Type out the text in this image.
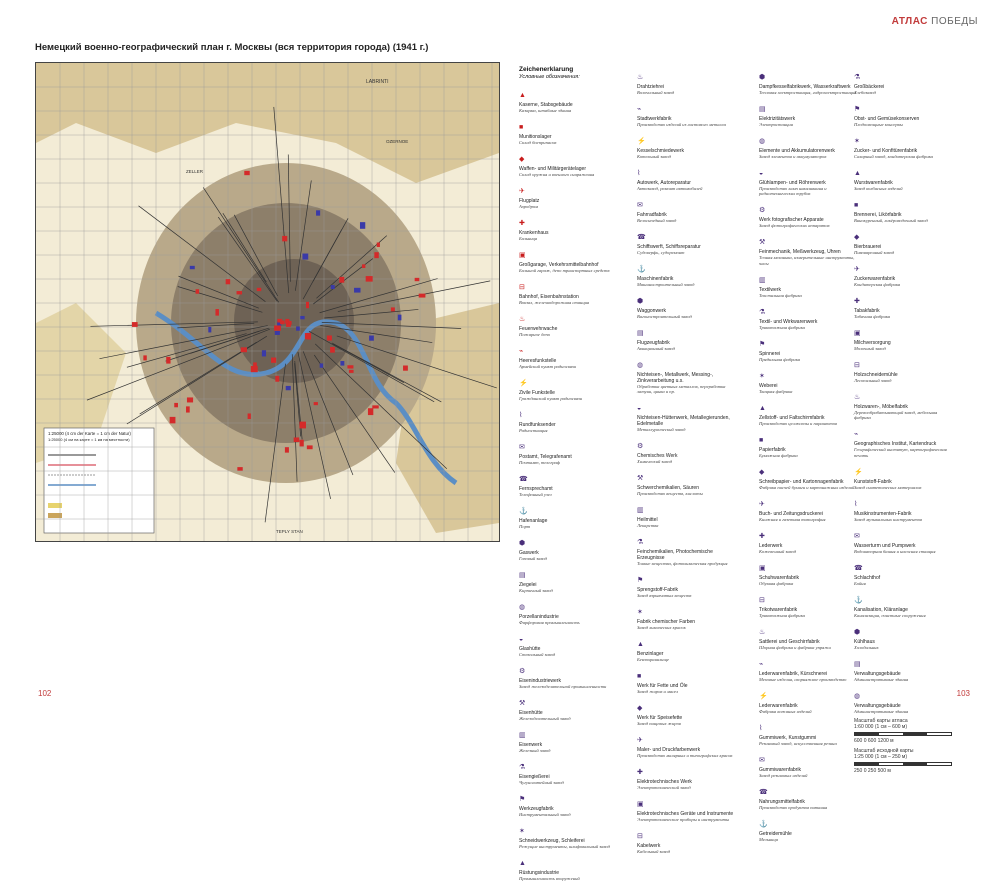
АТЛАС ПОБЕДЫ
Немецкий военно-географический план г. Москвы (вся территория города) (1941 г.)
1:25000 (4 cm der Karte = 1 cm der Natur)
1:25000 (4 см на карте = 1 км на местности)
LABRINTI
ZELLER
OZERNOE
TEPLY STAN
102	103
Zeichenerklarung
Условные обозначения:
▲
Kaserne, Stabsgebäude
Казарма, штабные здания
■
Munitionslager
Склад боеприпасов
◆
Waffen- und Militärgerätelager
Склад оружия и военного снаряжения
✈
Flugplatz
Аэродром
✚
Krankenhaus
Больница
▣
Großgarage, Verkehrsmittelbahnhof
Большой гараж, депо транспортных средств
⊟
Bahnhof, Eisenbahnstation
Вокзал, железнодорожная станция
♨
Feuerwehrwache
Пожарное депо
⌁
Heeresfunkstelle
Армейский пункт радиосвязи
⚡
Zivile Funkstelle
Гражданский пункт радиосвязи
⌇
Rundfunksender
Радиостанция
✉
Postamt, Telegrafenamt
Почтамт, телеграф
☎
Fernsprechamt
Телефонный узел
⚓
Hafenanlage
Порт
⬢
Gaswerk
Газовый завод
▤
Ziegelei
Кирпичный завод
◍
Porzellanindustrie
Фарфоровая промышленность
◒
Glashütte
Стекольный завод
⚙
Eisenindustriewerk
Завод железоделательной промышленности
⚒
Eisenhütte
Железоделательный завод
▥
Eisenwerk
Железный завод
⚗
Eisengießerei
Чугунолитейный завод
⚑
Werkzeugfabrik
Инструментальный завод
✶
Schneidwerkzeug, Schleiferei
Режущие инструменты, шлифовальный завод
▲
Rüstungsindustrie
Промышленность вооружений
♨
Drahtziehrei
Волочильный завод
⌁
Stadtwerkfabrik
Производство изделий из листового металла
⚡
Kesselschmiedewerk
Котельный завод
⌇
Autowerk, Autoreparatur
Автозавод, ремонт автомобилей
✉
Fahrradfabrik
Велосипедный завод
☎
Schiffswerft, Schiffsreparatur
Судоверфь, судоремонт
⚓
Maschinenfabrik
Машиностроительный завод
⬢
Waggonwerk
Вагоностроительный завод
▤
Flugzeugfabrik
Авиационный завод
◍
Nichteisen-, Metallwerk, Messing-, Zinkverarbeitung u.s.
Обработка цветных металлов, переработка латуни, цинка и пр.
◒
Nichteisen-Hüttenwerk, Metallegierunden, Edelmetalle
Металлургический завод
⚙
Chemisches Werk
Химический завод
⚒
Schwerchemikalien, Säuren
Производство веществ, кислоты
▥
Heilmittel
Лекарства
⚗
Feinchemikalien, Photochemische Erzeugnisse
Тонкие вещества, фотохимическая продукция
⚑
Sprengstoff-Fabrik
Завод взрывчатых веществ
✶
Fabrik chemischer Farben
Завод химических красок
▲
Benzinlager
Бензохранилище
■
Werk für Fette und Öle
Завод жиров и масел
◆
Werk für Speisefette
Завод пищевых жиров
✈
Maler- und Druckfarbenwerk
Производство малярных и типографских красок
✚
Elektrotechnisches Werk
Электротехнический завод
▣
Elektrotechnisches Geräte und Instrumente
Электротехнические приборы и инструменты
⊟
Kabelwerk
Кабельный завод
⬢
Dampfkesselfabrikwerk, Wasserkraftwerk
Тепловая электростанция, гидроэлектростанция
▤
Elektrizitätswerk
Электростанция
◍
Elemente und Akkumulatorenwerk
Завод элементов и аккумуляторов
◒
Glühlampen- und Röhrenwerk
Производство ламп накаливания и радиотехнических трубок
⚙
Werk fotografischer Apparate
Завод фотографических аппаратов
⚒
Feinmechanik, Meßwerkzeug, Uhren
Точная механика, измерительные инструменты, часы
▥
Textilwerk
Текстильная фабрика
⚗
Textil- und Wirkwarenwerk
Трикотажная фабрика
⚑
Spinnerei
Прядильная фабрика
✶
Weberei
Ткацкая фабрика
▲
Zellstoff- und Faltschirmfabrik
Производство целлюлозы и парашютов
■
Papierfabrik
Бумажная фабрика
◆
Schreibpapier- und Kartonnagenfabrik
Фабрика писчей бумаги и картонажных изделий
✈
Buch- und Zeitungsdruckerei
Книжная и газетная типография
✚
Lederwerk
Кожевенный завод
▣
Schuhwarenfabrik
Обувная фабрика
⊟
Trikotwarenfabrik
Трикотажная фабрика
♨
Sattlerei und Geschirrfabrik
Шорная фабрика и фабрика упряжи
⌁
Lederwarenfabrik, Kürschnerei
Меховые изделия, скорняжное производство
⚡
Lederwarenfabrik
Фабрика кожаных изделий
⌇
Gummiwerk, Kunstgummi
Резиновый завод, искусственная резина
✉
Gummiwarenfabrik
Завод резиновых изделий
☎
Nahrungsmittelfabrik
Производство продуктов питания
⚓
Getreidemühle
Мельница
⚗
Großbäckerei
Хлебозавод
⚑
Obst- und Gemüsekonserven
Плодоовощные консервы
✶
Zucker- und Konfitürenfabrik
Сахарный завод, кондитерская фабрика
▲
Wurstwarenfabrik
Завод колбасных изделий
■
Brennerei, Likörfabrik
Винокуренный, ликёроводочный завод
◆
Bierbrauerei
Пивоваренный завод
✈
Zuckerwarenfabrik
Кондитерская фабрика
✚
Tabakfabrik
Табачная фабрика
▣
Milchversorgung
Молочный завод
⊟
Holzschneidemühle
Лесопильный завод
♨
Holzwaren-, Möbelfabrik
Деревообрабатывающий завод, мебельная фабрика
⌁
Geographisches Institut, Kartendruck
Географический институт, картографическая печать
⚡
Kunststoff-Fabrik
Завод синтетических материалов
⌇
Musikinstrumenten-Fabrik
Завод музыкальных инструментов
✉
Wasserturm und Pumpwerk
Водонапорная башня и насосная станция
☎
Schlachthof
Бойня
⚓
Kanalisation, Kläranlage
Канализация, очистные сооружения
⬢
Kühlhaus
Холодильник
▤
Verwaltungsgebäude
Административные здания
◍
Verwaltungsgebäude
Административные здания
Масштаб карты атласа
1:60 000 (1 см – 600 м)
600 0 600 1200 м
Масштаб исходной карты
1:25 000 (1 см – 250 м)
250 0 250 500 м
